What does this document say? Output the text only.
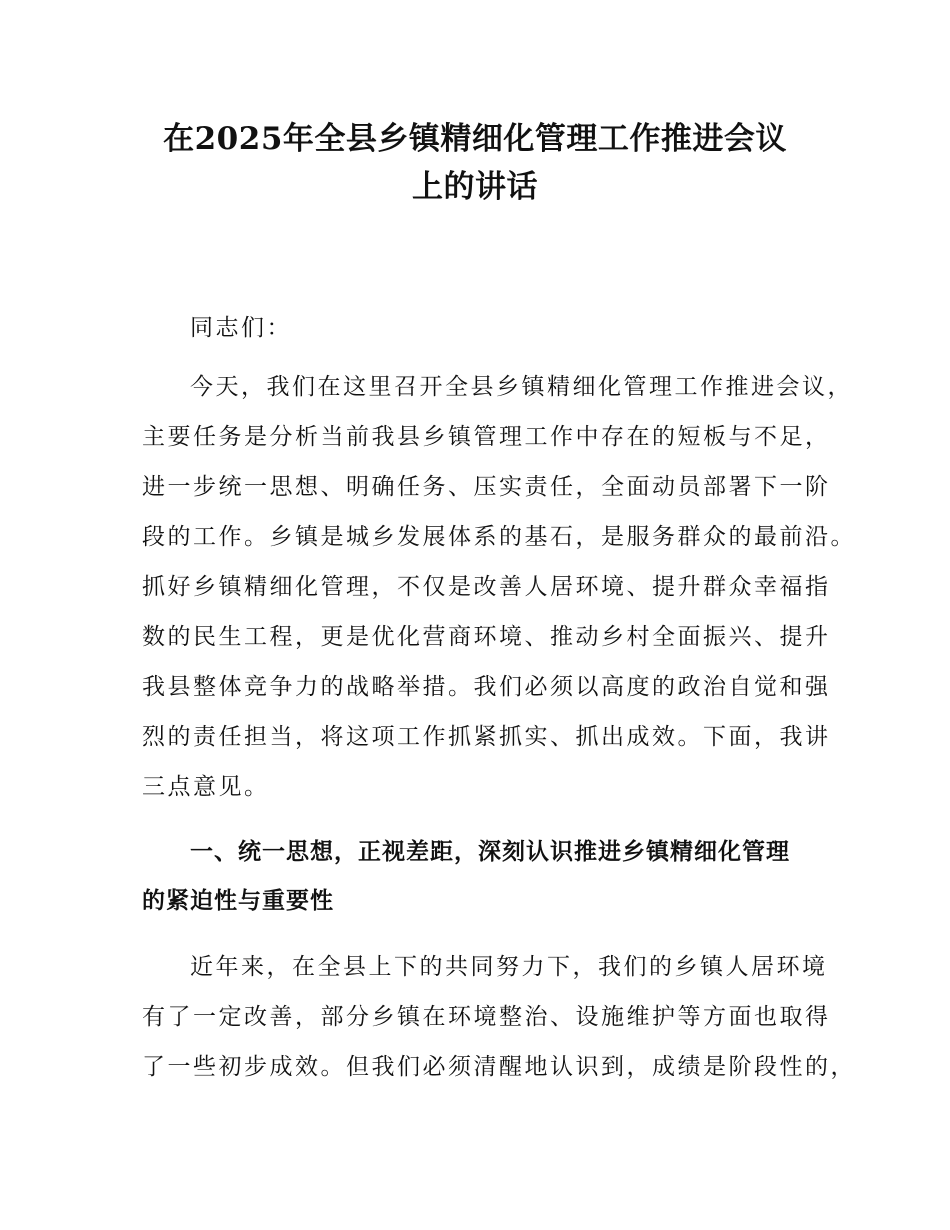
在2025年全县乡镇精细化管理工作推进会议
上的讲话
同志们：
今天，我们在这里召开全县乡镇精细化管理工作推进会议，
主要任务是分析当前我县乡镇管理工作中存在的短板与不足，
进一步统一思想、明确任务、压实责任，全面动员部署下一阶
段的工作。乡镇是城乡发展体系的基石，是服务群众的最前沿。
抓好乡镇精细化管理，不仅是改善人居环境、提升群众幸福指
数的民生工程，更是优化营商环境、推动乡村全面振兴、提升
我县整体竞争力的战略举措。我们必须以高度的政治自觉和强
烈的责任担当，将这项工作抓紧抓实、抓出成效。下面，我讲
三点意见。
一、统一思想，正视差距，深刻认识推进乡镇精细化管理
的紧迫性与重要性
近年来，在全县上下的共同努力下，我们的乡镇人居环境
有了一定改善，部分乡镇在环境整治、设施维护等方面也取得
了一些初步成效。但我们必须清醒地认识到，成绩是阶段性的，
